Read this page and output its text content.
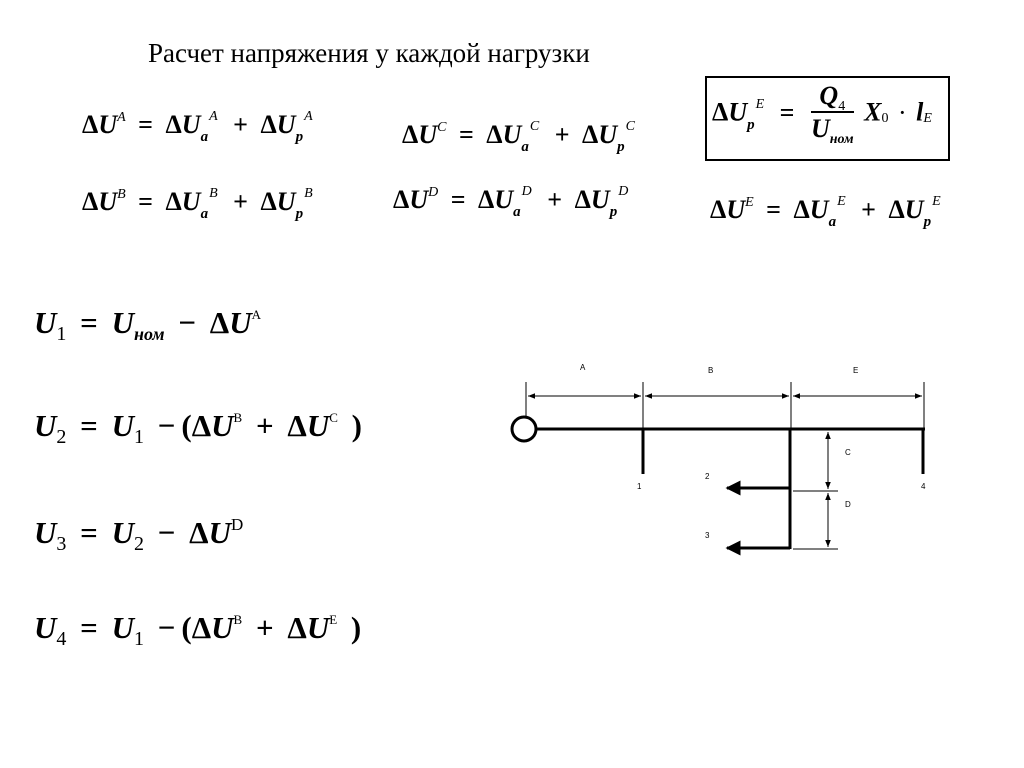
Расчет напряжения у каждой нагрузки
$\Delta U^A = \Delta U_a^A + \Delta U_p^A$
$\Delta U^C = \Delta U_a^C + \Delta U_p^C$	$\Delta U_p^E = \frac{Q_4}{U_{ном}} X_0 \cdot l_E$
$\Delta U^B = \Delta U_a^B + \Delta U_p^B$	$\Delta U^D = \Delta U_a^D + \Delta U_p^D$
$\Delta U^E = \Delta U_a^E + \Delta U_p^E$
$U_1 = U_{ном} - \Delta U^A$
$U_2 = U_1 - (\Delta U^B + \Delta U^C$ )
$U_3 = U_2 - \Delta U^D$
$U_4 = U_1 - (\Delta U^B + \Delta U^E$ )
A	B	E
C
D
1
2
3
4
